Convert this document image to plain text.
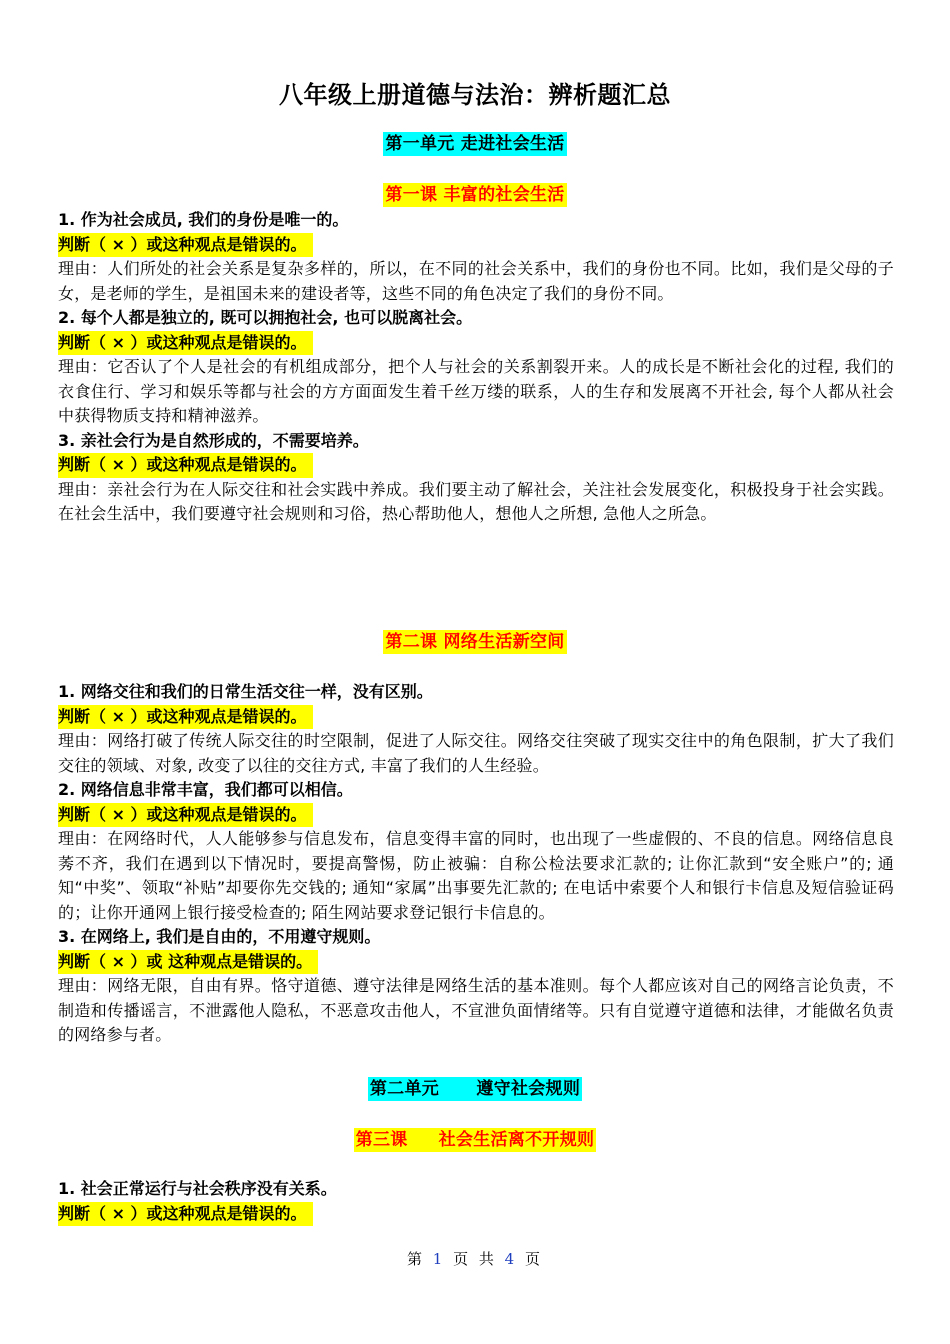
八年级上册道德与法治：辨析题汇总
第一单元 走进社会生活
第一课 丰富的社会生活
1. 作为社会成员, 我们的身份是唯一的。
判断（ × ）或这种观点是错误的。
理由：人们所处的社会关系是复杂多样的，所以，在不同的社会关系中，我们的身份也不同。比如，我们是父母的子女，是老师的学生，是祖国未来的建设者等，这些不同的角色决定了我们的身份不同。
2. 每个人都是独立的, 既可以拥抱社会, 也可以脱离社会。
判断（ × ）或这种观点是错误的。
理由：它否认了个人是社会的有机组成部分，把个人与社会的关系割裂开来。人的成长是不断社会化的过程, 我们的衣食住行、学习和娱乐等都与社会的方方面面发生着千丝万缕的联系，人的生存和发展离不开社会, 每个人都从社会中获得物质支持和精神滋养。
3. 亲社会行为是自然形成的，不需要培养。
判断（ × ）或这种观点是错误的。
理由：亲社会行为在人际交往和社会实践中养成。我们要主动了解社会，关注社会发展变化，积极投身于社会实践。在社会生活中，我们要遵守社会规则和习俗，热心帮助他人，想他人之所想, 急他人之所急。
第二课 网络生活新空间
1. 网络交往和我们的日常生活交往一样，没有区别。
判断（ × ）或这种观点是错误的。
理由：网络打破了传统人际交往的时空限制，促进了人际交往。网络交往突破了现实交往中的角色限制，扩大了我们交往的领域、对象, 改变了以往的交往方式, 丰富了我们的人生经验。
2. 网络信息非常丰富，我们都可以相信。
判断（ × ）或这种观点是错误的。
理由：在网络时代，人人能够参与信息发布，信息变得丰富的同时，也出现了一些虚假的、不良的信息。网络信息良莠不齐，我们在遇到以下情况时，要提高警惕，防止被骗：自称公检法要求汇款的; 让你汇款到“安全账户”的; 通知“中奖”、领取“补贴”却要你先交钱的; 通知“家属”出事要先汇款的; 在电话中索要个人和银行卡信息及短信验证码的；让你开通网上银行接受检查的; 陌生网站要求登记银行卡信息的。
3. 在网络上, 我们是自由的，不用遵守规则。
判断（ × ）或 这种观点是错误的。
理由：网络无限，自由有界。恪守道德、遵守法律是网络生活的基本准则。每个人都应该对自己的网络言论负责，不制造和传播谣言，不泄露他人隐私，不恶意攻击他人，不宣泄负面情绪等。只有自觉遵守道德和法律，才能做名负责的网络参与者。
第二单元      遵守社会规则
第三课     社会生活离不开规则
1. 社会正常运行与社会秩序没有关系。
判断（ × ）或这种观点是错误的。
第 1 页 共 4 页
